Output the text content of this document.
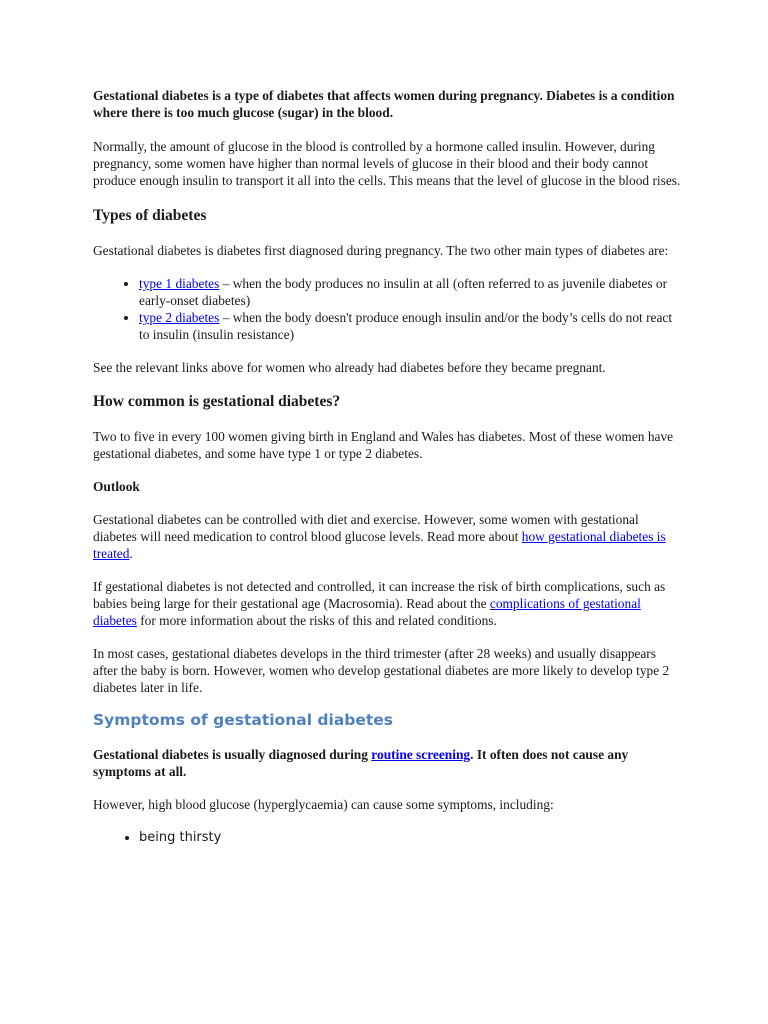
Gestational diabetes is a type of diabetes that affects women during pregnancy. Diabetes is a condition where there is too much glucose (sugar) in the blood.

Normally, the amount of glucose in the blood is controlled by a hormone called insulin. However, during pregnancy, some women have higher than normal levels of glucose in their blood and their body cannot produce enough insulin to transport it all into the cells. This means that the level of glucose in the blood rises.

Types of diabetes

Gestational diabetes is diabetes first diagnosed during pregnancy. The two other main types of diabetes are:

• type 1 diabetes – when the body produces no insulin at all (often referred to as juvenile diabetes or early-onset diabetes)
• type 2 diabetes – when the body doesn't produce enough insulin and/or the body’s cells do not react to insulin (insulin resistance)

See the relevant links above for women who already had diabetes before they became pregnant.

How common is gestational diabetes?

Two to five in every 100 women giving birth in England and Wales has diabetes. Most of these women have gestational diabetes, and some have type 1 or type 2 diabetes.

Outlook

Gestational diabetes can be controlled with diet and exercise. However, some women with gestational diabetes will need medication to control blood glucose levels. Read more about how gestational diabetes is treated.

If gestational diabetes is not detected and controlled, it can increase the risk of birth complications, such as babies being large for their gestational age (Macrosomia). Read about the complications of gestational diabetes for more information about the risks of this and related conditions.

In most cases, gestational diabetes develops in the third trimester (after 28 weeks) and usually disappears after the baby is born. However, women who develop gestational diabetes are more likely to develop type 2 diabetes later in life.

Symptoms of gestational diabetes

Gestational diabetes is usually diagnosed during routine screening. It often does not cause any symptoms at all.

However, high blood glucose (hyperglycaemia) can cause some symptoms, including:

• being thirsty
